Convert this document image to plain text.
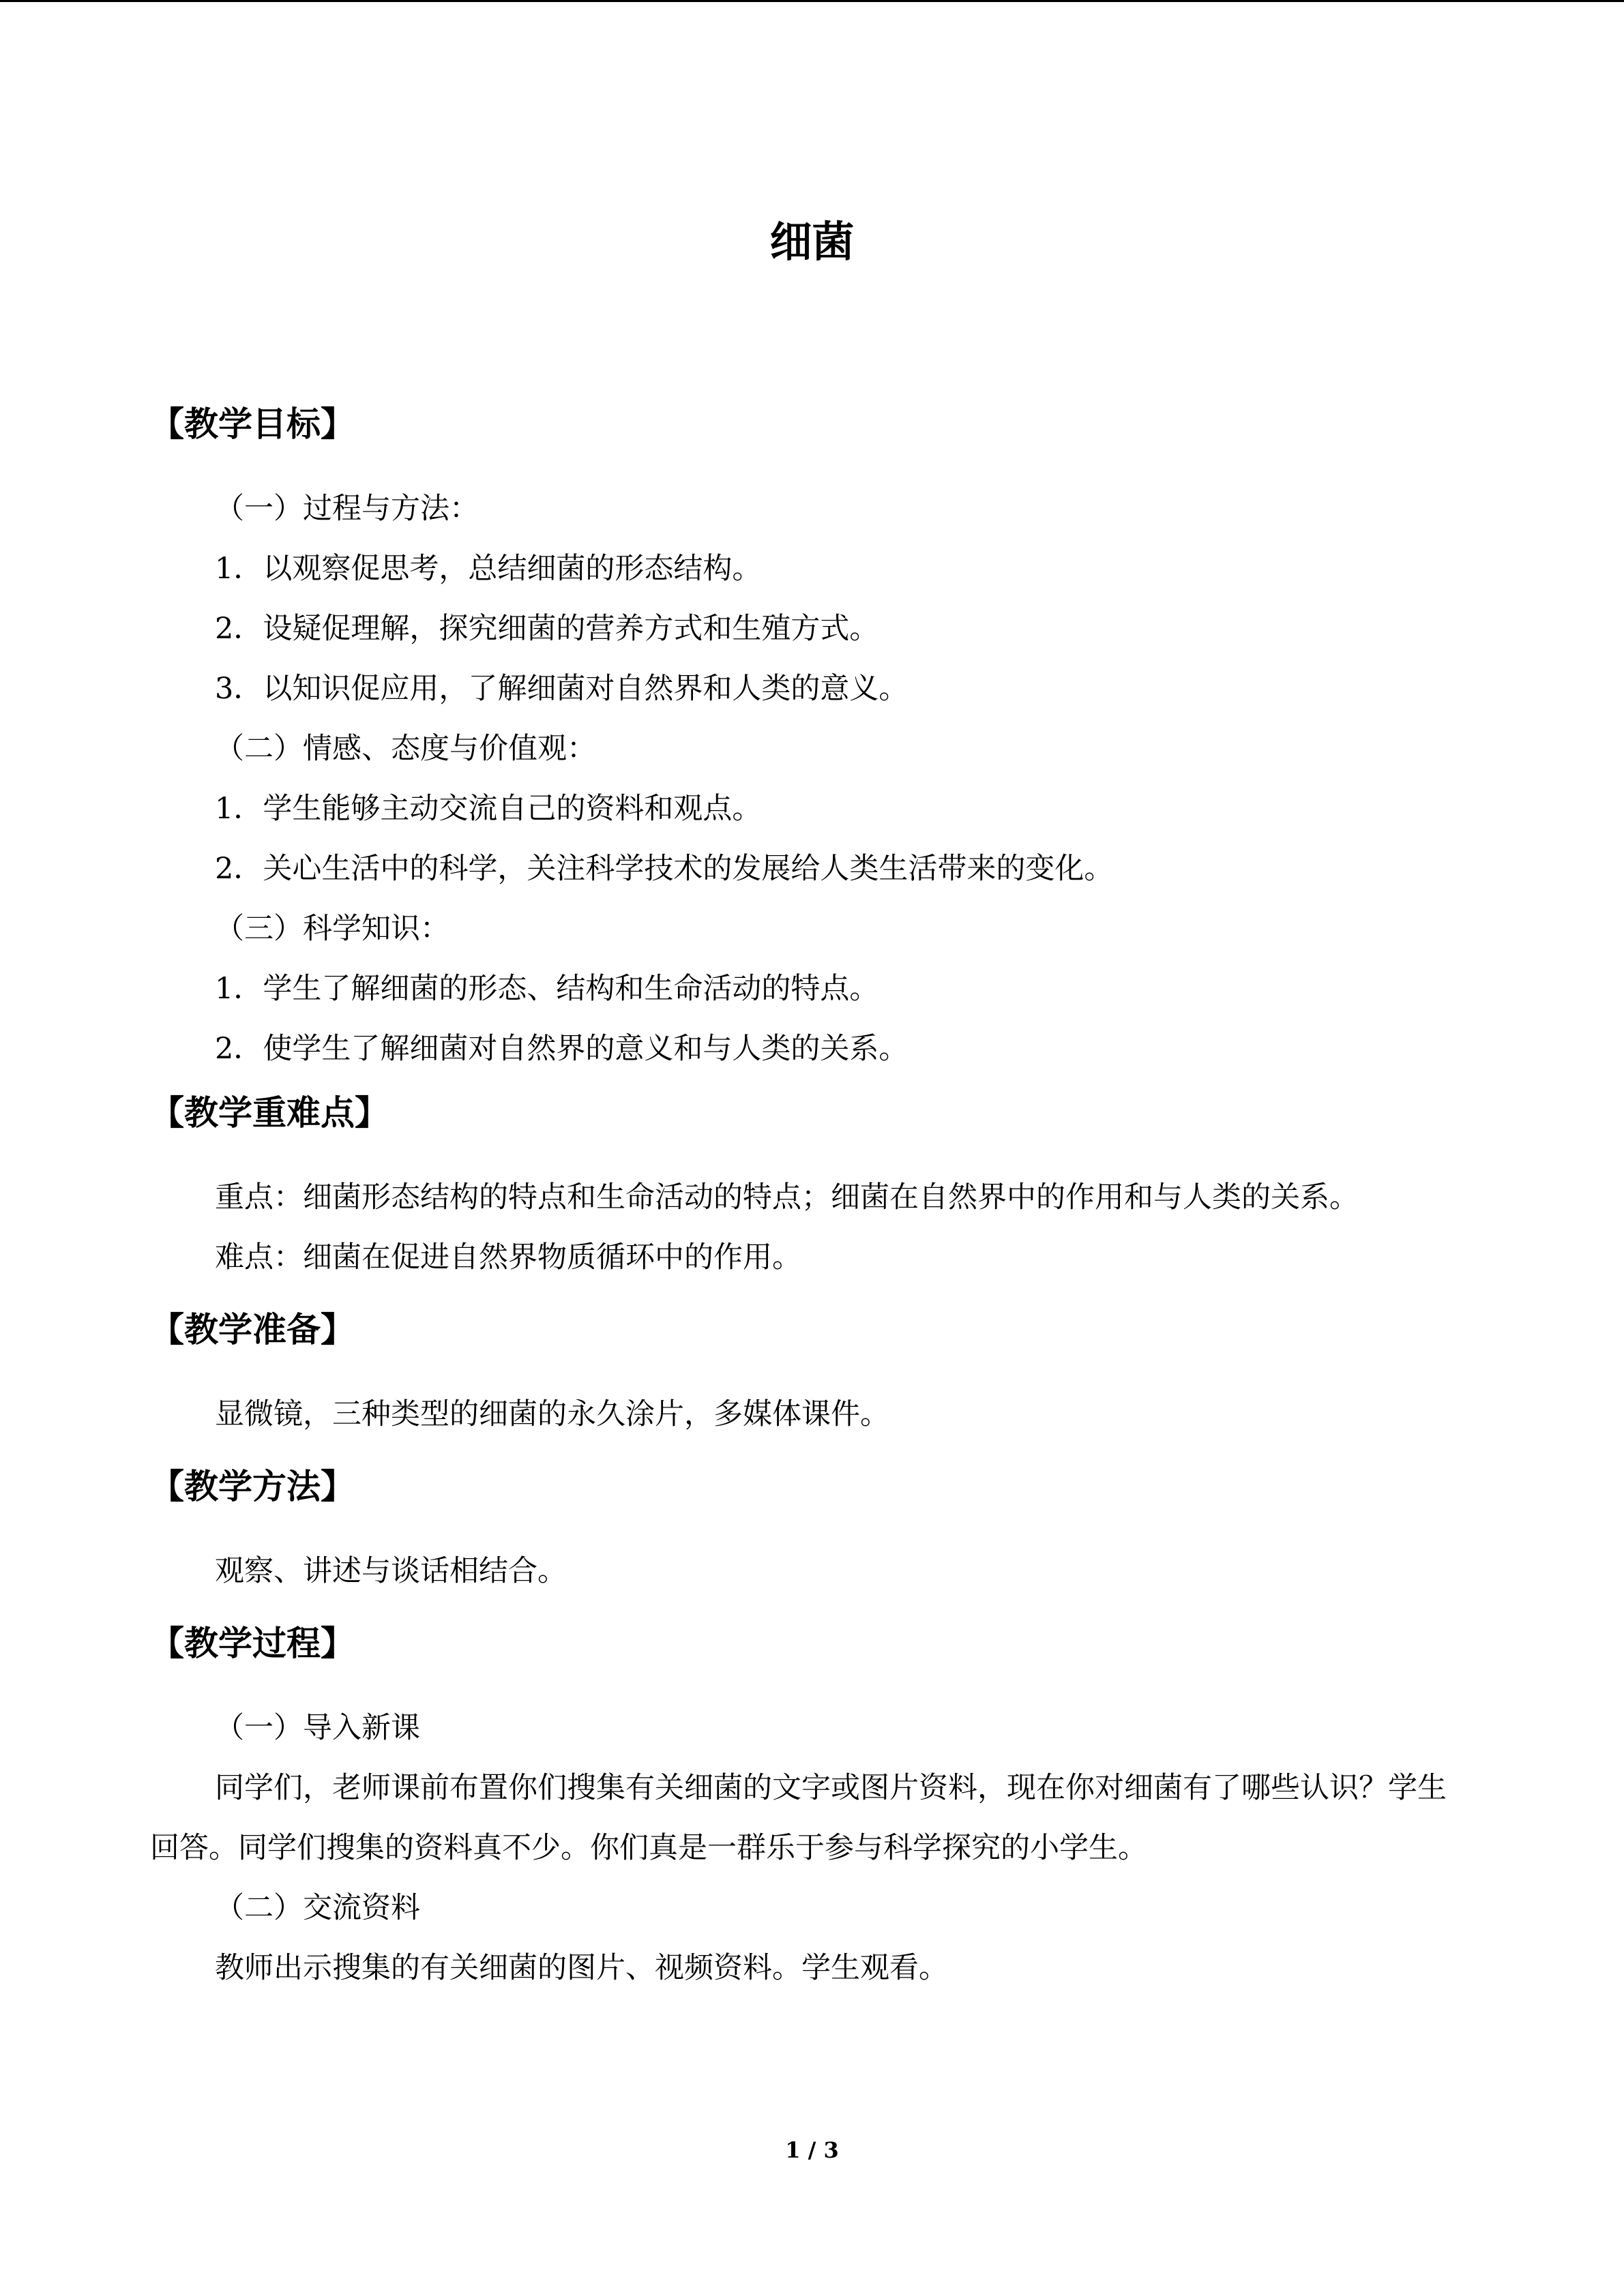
细菌
【教学目标】
（一）过程与方法：
1．以观察促思考，总结细菌的形态结构。
2．设疑促理解，探究细菌的营养方式和生殖方式。
3．以知识促应用，了解细菌对自然界和人类的意义。
（二）情感、态度与价值观：
1．学生能够主动交流自己的资料和观点。
2．关心生活中的科学，关注科学技术的发展给人类生活带来的变化。
（三）科学知识：
1．学生了解细菌的形态、结构和生命活动的特点。
2．使学生了解细菌对自然界的意义和与人类的关系。
【教学重难点】

重点：细菌形态结构的特点和生命活动的特点；细菌在自然界中的作用和与人类的关系。

难点：细菌在促进自然界物质循环中的作用。

【教学准备】

显微镜，三种类型的细菌的永久涂片，多媒体课件。

【教学方法】

观察、讲述与谈话相结合。

【教学过程】
（一）导入新课

同学们，老师课前布置你们搜集有关细菌的文字或图片资料，现在你对细菌有了哪些认识？学生回答。同学们搜集的资料真不少。你们真是一群乐于参与科学探究的小学生。

（二）交流资料

教师出示搜集的有关细菌的图片、视频资料。学生观看。

1 / 3
